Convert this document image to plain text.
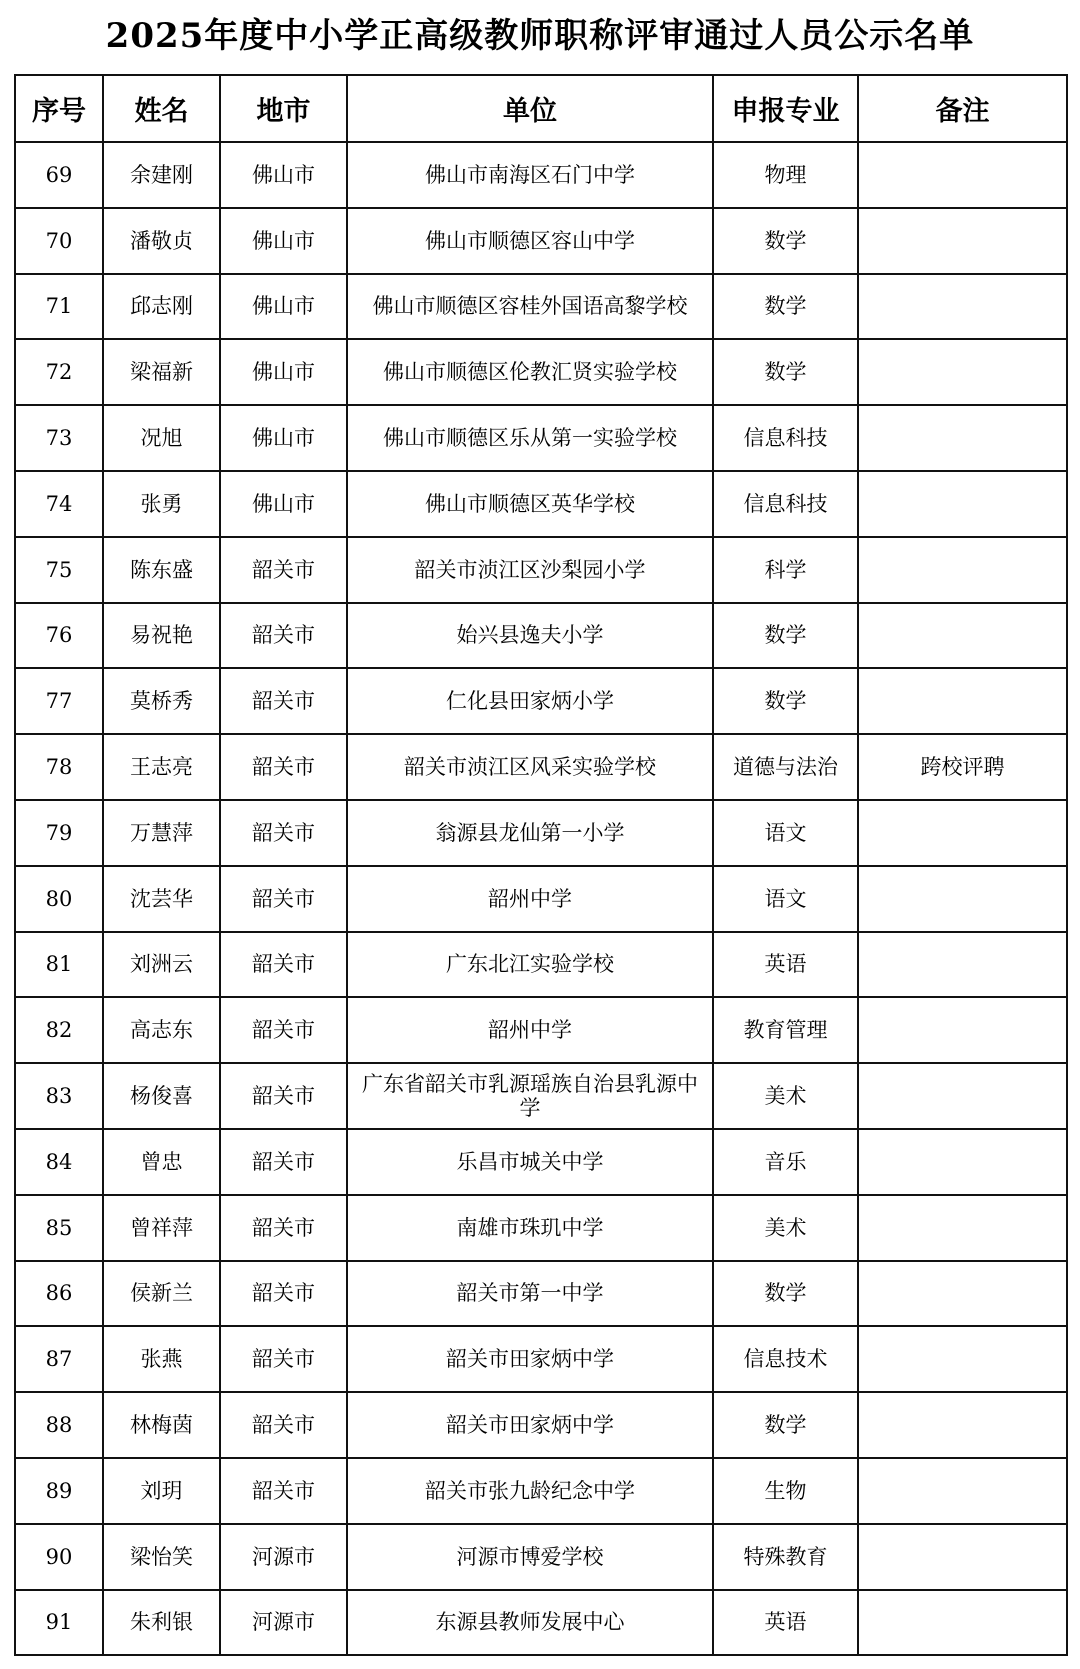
2025年度中小学正高级教师职称评审通过人员公示名单
序号	姓名	地市	单位	申报专业	备注
69	余建刚	佛山市	佛山市南海区石门中学	物理	
70	潘敬贞	佛山市	佛山市顺德区容山中学	数学	
71	邱志刚	佛山市	佛山市顺德区容桂外国语高黎学校	数学	
72	梁福新	佛山市	佛山市顺德区伦教汇贤实验学校	数学	
73	况旭	佛山市	佛山市顺德区乐从第一实验学校	信息科技	
74	张勇	佛山市	佛山市顺德区英华学校	信息科技	
75	陈东盛	韶关市	韶关市浈江区沙梨园小学	科学	
76	易祝艳	韶关市	始兴县逸夫小学	数学	
77	莫桥秀	韶关市	仁化县田家炳小学	数学	
78	王志亮	韶关市	韶关市浈江区风采实验学校	道德与法治	跨校评聘
79	万慧萍	韶关市	翁源县龙仙第一小学	语文	
80	沈芸华	韶关市	韶州中学	语文	
81	刘洲云	韶关市	广东北江实验学校	英语	
82	高志东	韶关市	韶州中学	教育管理	
83	杨俊喜	韶关市	广东省韶关市乳源瑶族自治县乳源中学	美术	
84	曾忠	韶关市	乐昌市城关中学	音乐	
85	曾祥萍	韶关市	南雄市珠玑中学	美术	
86	侯新兰	韶关市	韶关市第一中学	数学	
87	张燕	韶关市	韶关市田家炳中学	信息技术	
88	林梅茵	韶关市	韶关市田家炳中学	数学	
89	刘玥	韶关市	韶关市张九龄纪念中学	生物	
90	梁怡笑	河源市	河源市博爱学校	特殊教育	
91	朱利银	河源市	东源县教师发展中心	英语	
